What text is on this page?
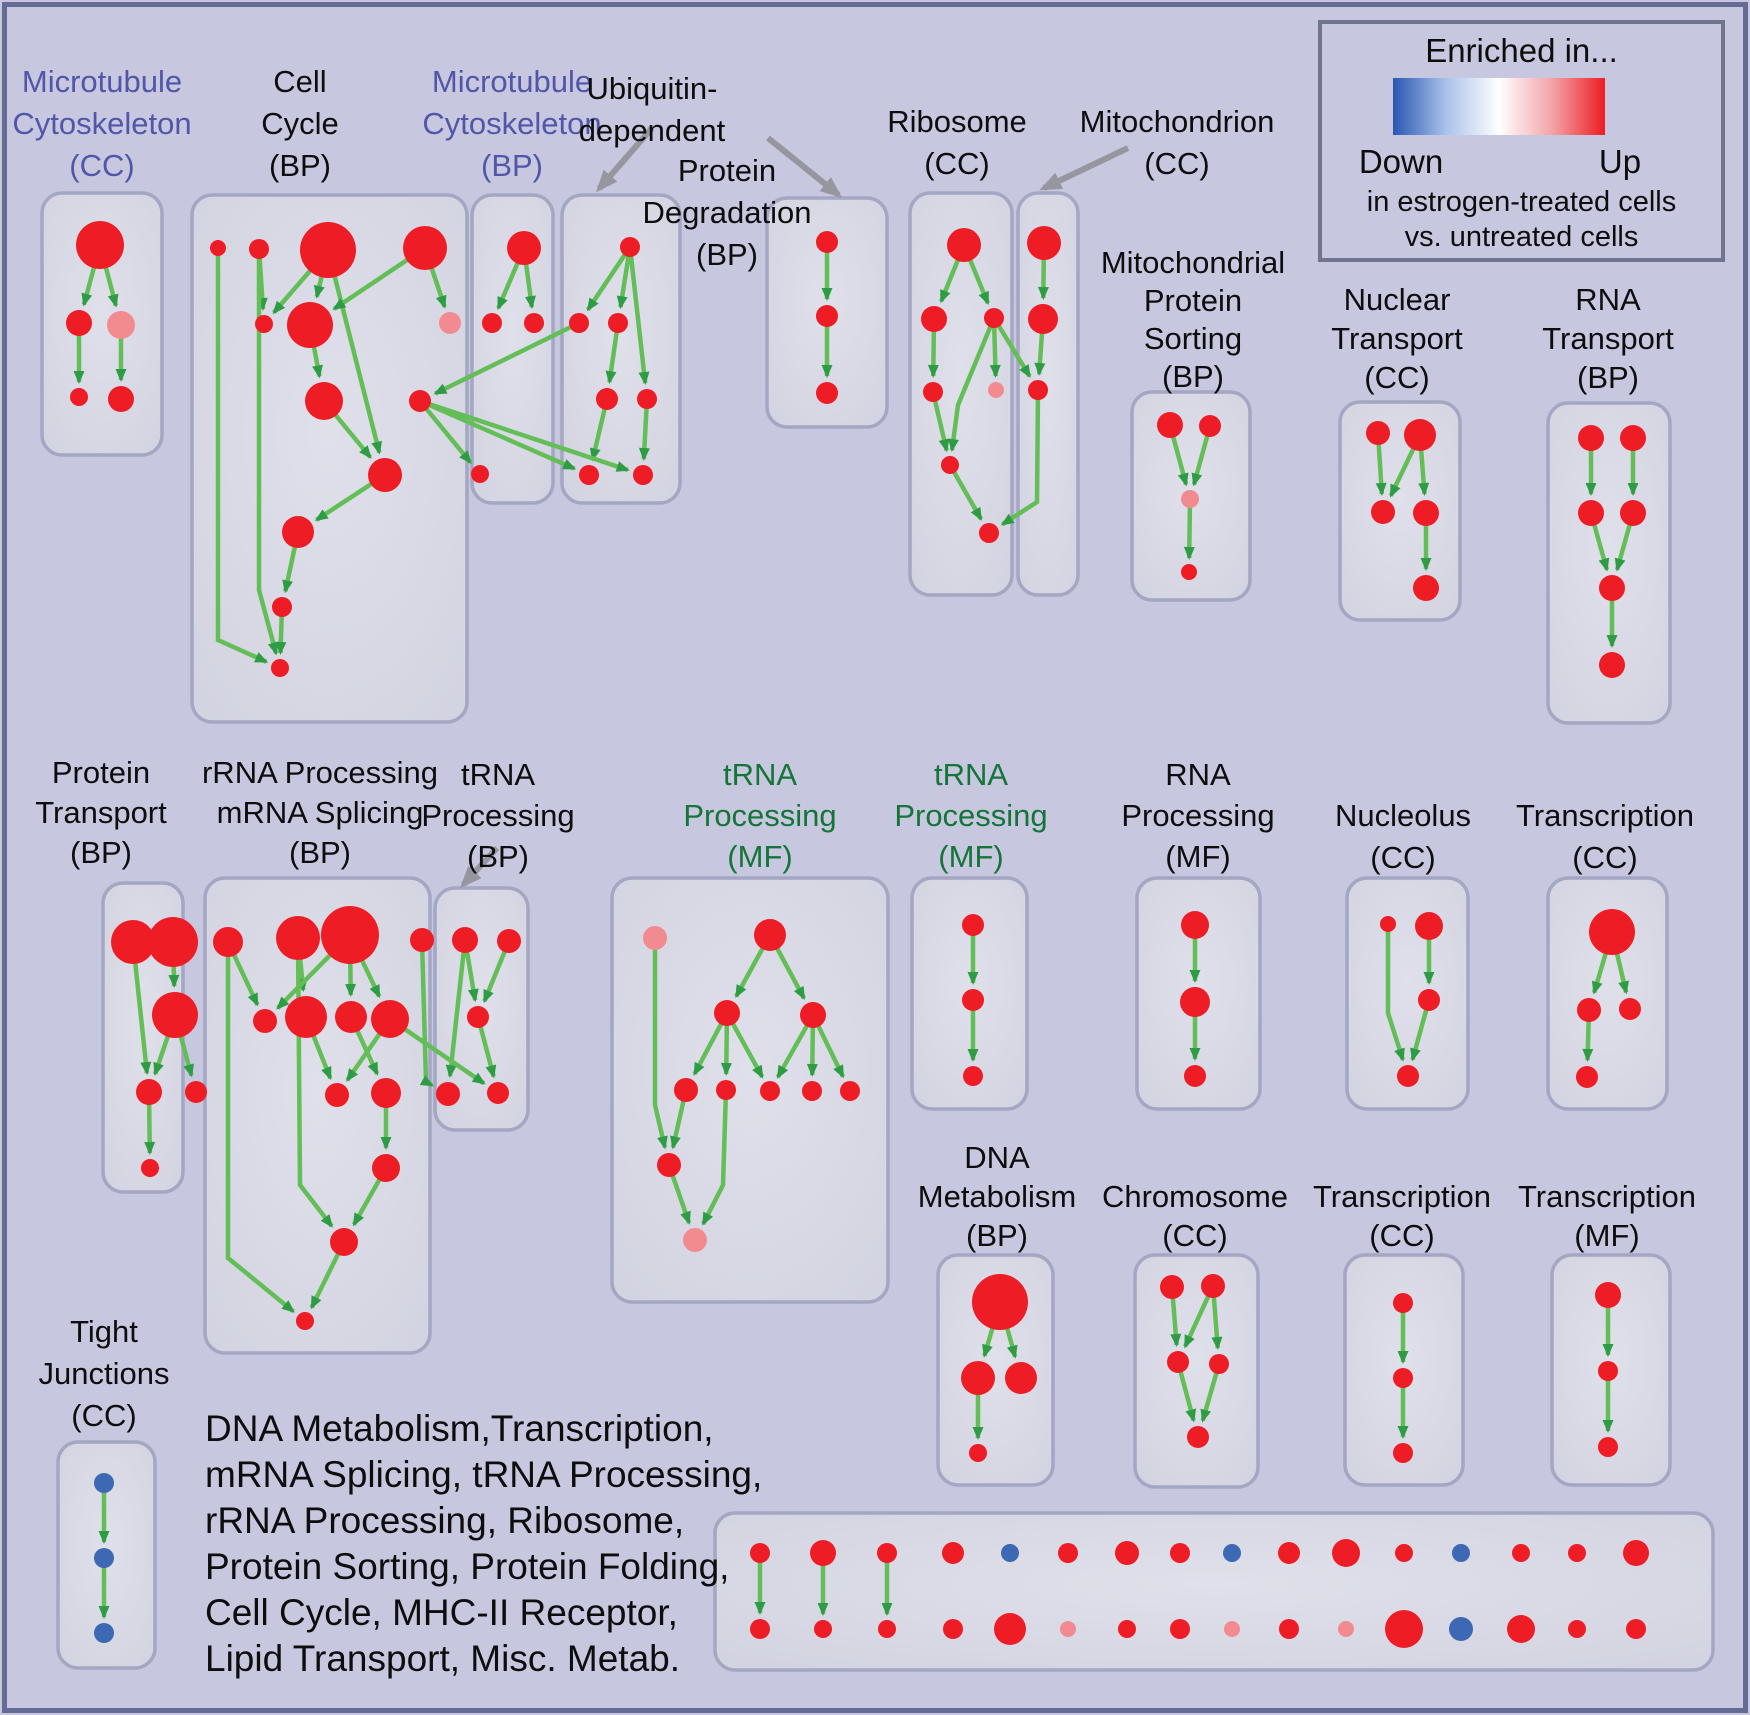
Microtubule Cytoskeleton (CC)
Cell Cycle (BP)
Microtubule Cytoskeleton (BP)
Ubiquitin-dependent
Protein Degradation (BP)
Ribosome (CC)
Mitochondrion (CC)
Mitochondrial Protein Sorting (BP)
Nuclear Transport (CC)
RNA Transport (BP)
Protein Transport (BP)
rRNA Processing mRNA Splicing (BP)
tRNA Processing (BP)
tRNA Processing (MF)
tRNA Processing (MF)
RNA Processing (MF)
Nucleolus (CC)
Transcription (CC)
DNA Metabolism (BP)
Chromosome (CC)
Transcription (CC)
Transcription (MF)
Tight Junctions (CC)
Enriched in...
Down	Up
in estrogen-treated cells
vs. untreated cells
DNA Metabolism,Transcription,
mRNA Splicing, tRNA Processing,
rRNA Processing, Ribosome,
Protein Sorting, Protein Folding,
Cell Cycle, MHC-II Receptor,
Lipid Transport, Misc. Metab.
